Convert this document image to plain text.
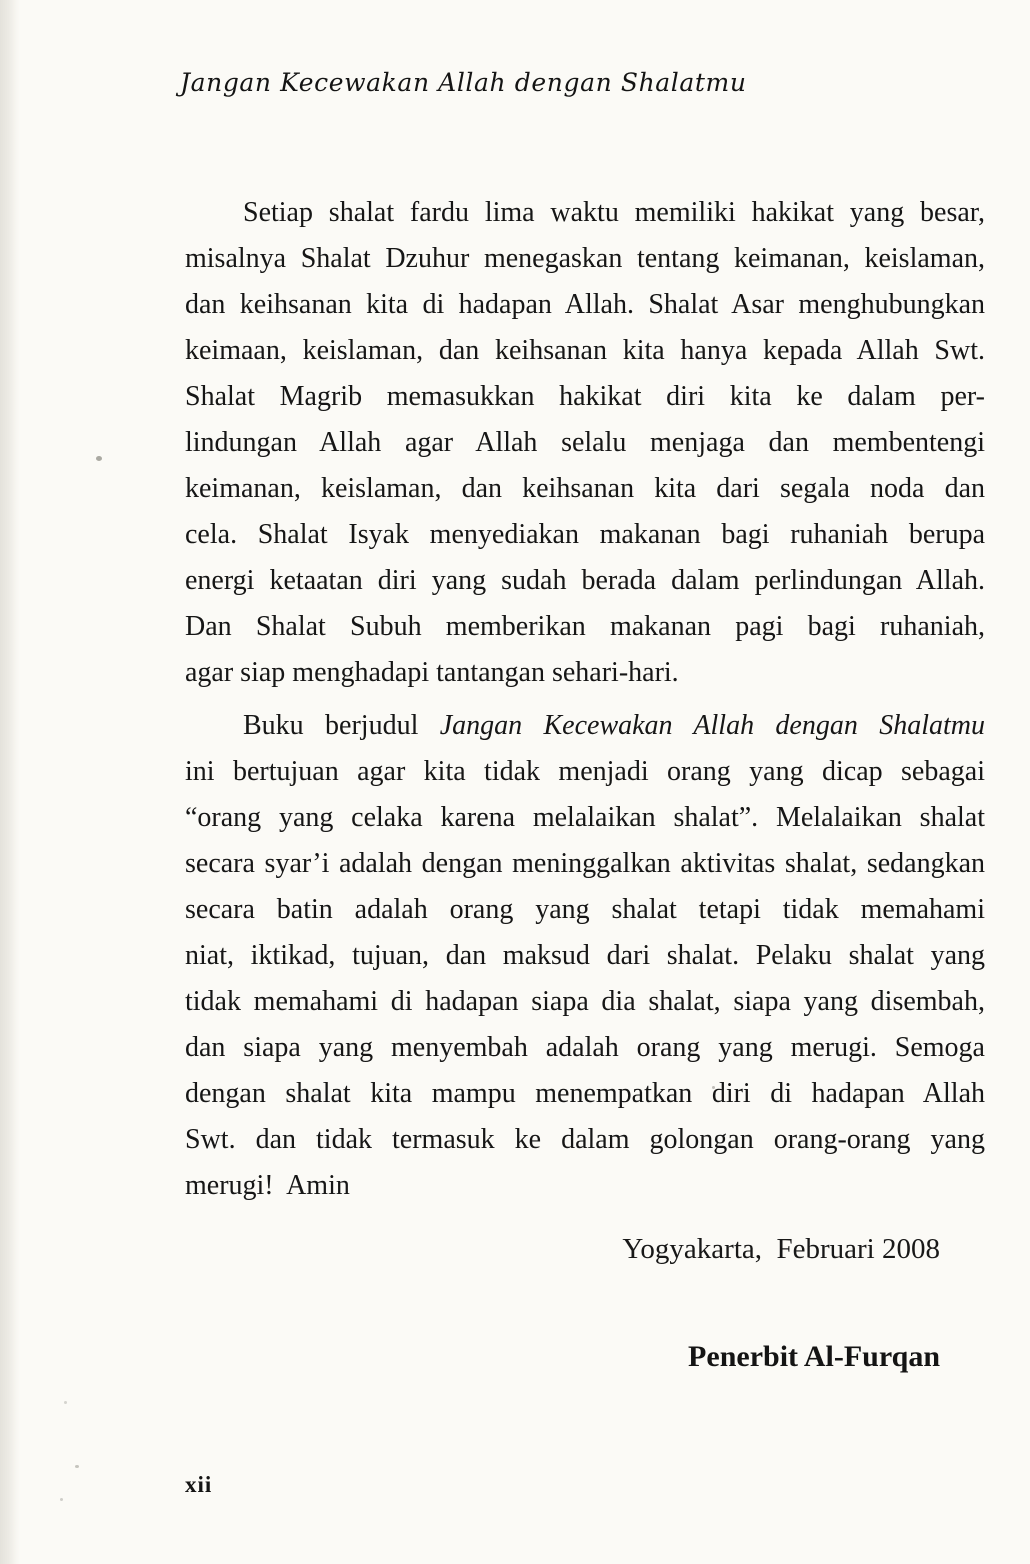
Jangan Kecewakan Allah dengan Shalatmu
Setiap shalat fardu lima waktu memiliki hakikat yang besar,
misalnya Shalat Dzuhur menegaskan tentang keimanan, keislaman,
dan keihsanan kita di hadapan Allah. Shalat Asar menghubungkan
keimaan, keislaman, dan keihsanan kita hanya kepada Allah Swt.
Shalat Magrib memasukkan hakikat diri kita ke dalam per-
lindungan Allah agar Allah selalu menjaga dan membentengi
keimanan, keislaman, dan keihsanan kita dari segala noda dan
cela. Shalat Isyak menyediakan makanan bagi ruhaniah berupa
energi ketaatan diri yang sudah berada dalam perlindungan Allah.
Dan Shalat Subuh memberikan makanan pagi bagi ruhaniah,
agar siap menghadapi tantangan sehari-hari.
Buku berjudul Jangan Kecewakan Allah dengan Shalatmu
ini bertujuan agar kita tidak menjadi orang yang dicap sebagai
“orang yang celaka karena melalaikan shalat”. Melalaikan shalat
secara syar’i adalah dengan meninggalkan aktivitas shalat, sedangkan
secara batin adalah orang yang shalat tetapi tidak memahami
niat, iktikad, tujuan, dan maksud dari shalat. Pelaku shalat yang
tidak memahami di hadapan siapa dia shalat, siapa yang disembah,
dan siapa yang menyembah adalah orang yang merugi. Semoga
dengan shalat kita mampu menempatkan diri di hadapan Allah
Swt. dan tidak termasuk ke dalam golongan orang-orang yang
merugi!  Amin
Yogyakarta,  Februari 2008
Penerbit Al-Furqan
xii
